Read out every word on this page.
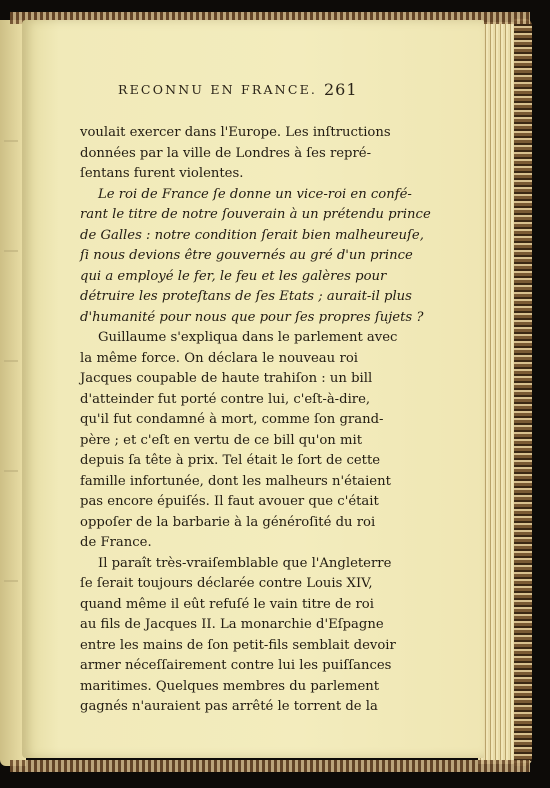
RECONNU EN FRANCE. 261
voulait exercer dans l'Europe. Les inſtructions
données par la ville de Londres à ſes repré-
ſentans furent violentes.
Le roi de France ſe donne un vice-roi en confé-
rant le titre de notre ſouverain à un prétendu prince
de Galles : notre condition ſerait bien malheureuſe,
ſi nous devions être gouvernés au gré d'un prince
qui a employé le fer, le feu et les galères pour
détruire les proteſtans de ſes Etats ; aurait-il plus
d'humanité pour nous que pour ſes propres ſujets ?
Guillaume s'expliqua dans le parlement avec
la même force. On déclara le nouveau roi
Jacques coupable de haute trahiſon : un bill
d'atteinder fut porté contre lui, c'eſt-à-dire,
qu'il fut condamné à mort, comme ſon grand-
père ; et c'eſt en vertu de ce bill qu'on mit
depuis ſa tête à prix. Tel était le ſort de cette
famille infortunée, dont les malheurs n'étaient
pas encore épuiſés. Il faut avouer que c'était
oppoſer de la barbarie à la généroſité du roi
de France.
Il paraît très-vraiſemblable que l'Angleterre
ſe ſerait toujours déclarée contre Louis XIV,
quand même il eût refuſé le vain titre de roi
au fils de Jacques II. La monarchie d'Eſpagne
entre les mains de ſon petit-fils semblait devoir
armer néceſſairement contre lui les puiſſances
maritimes. Quelques membres du parlement
gagnés n'auraient pas arrêté le torrent de la
